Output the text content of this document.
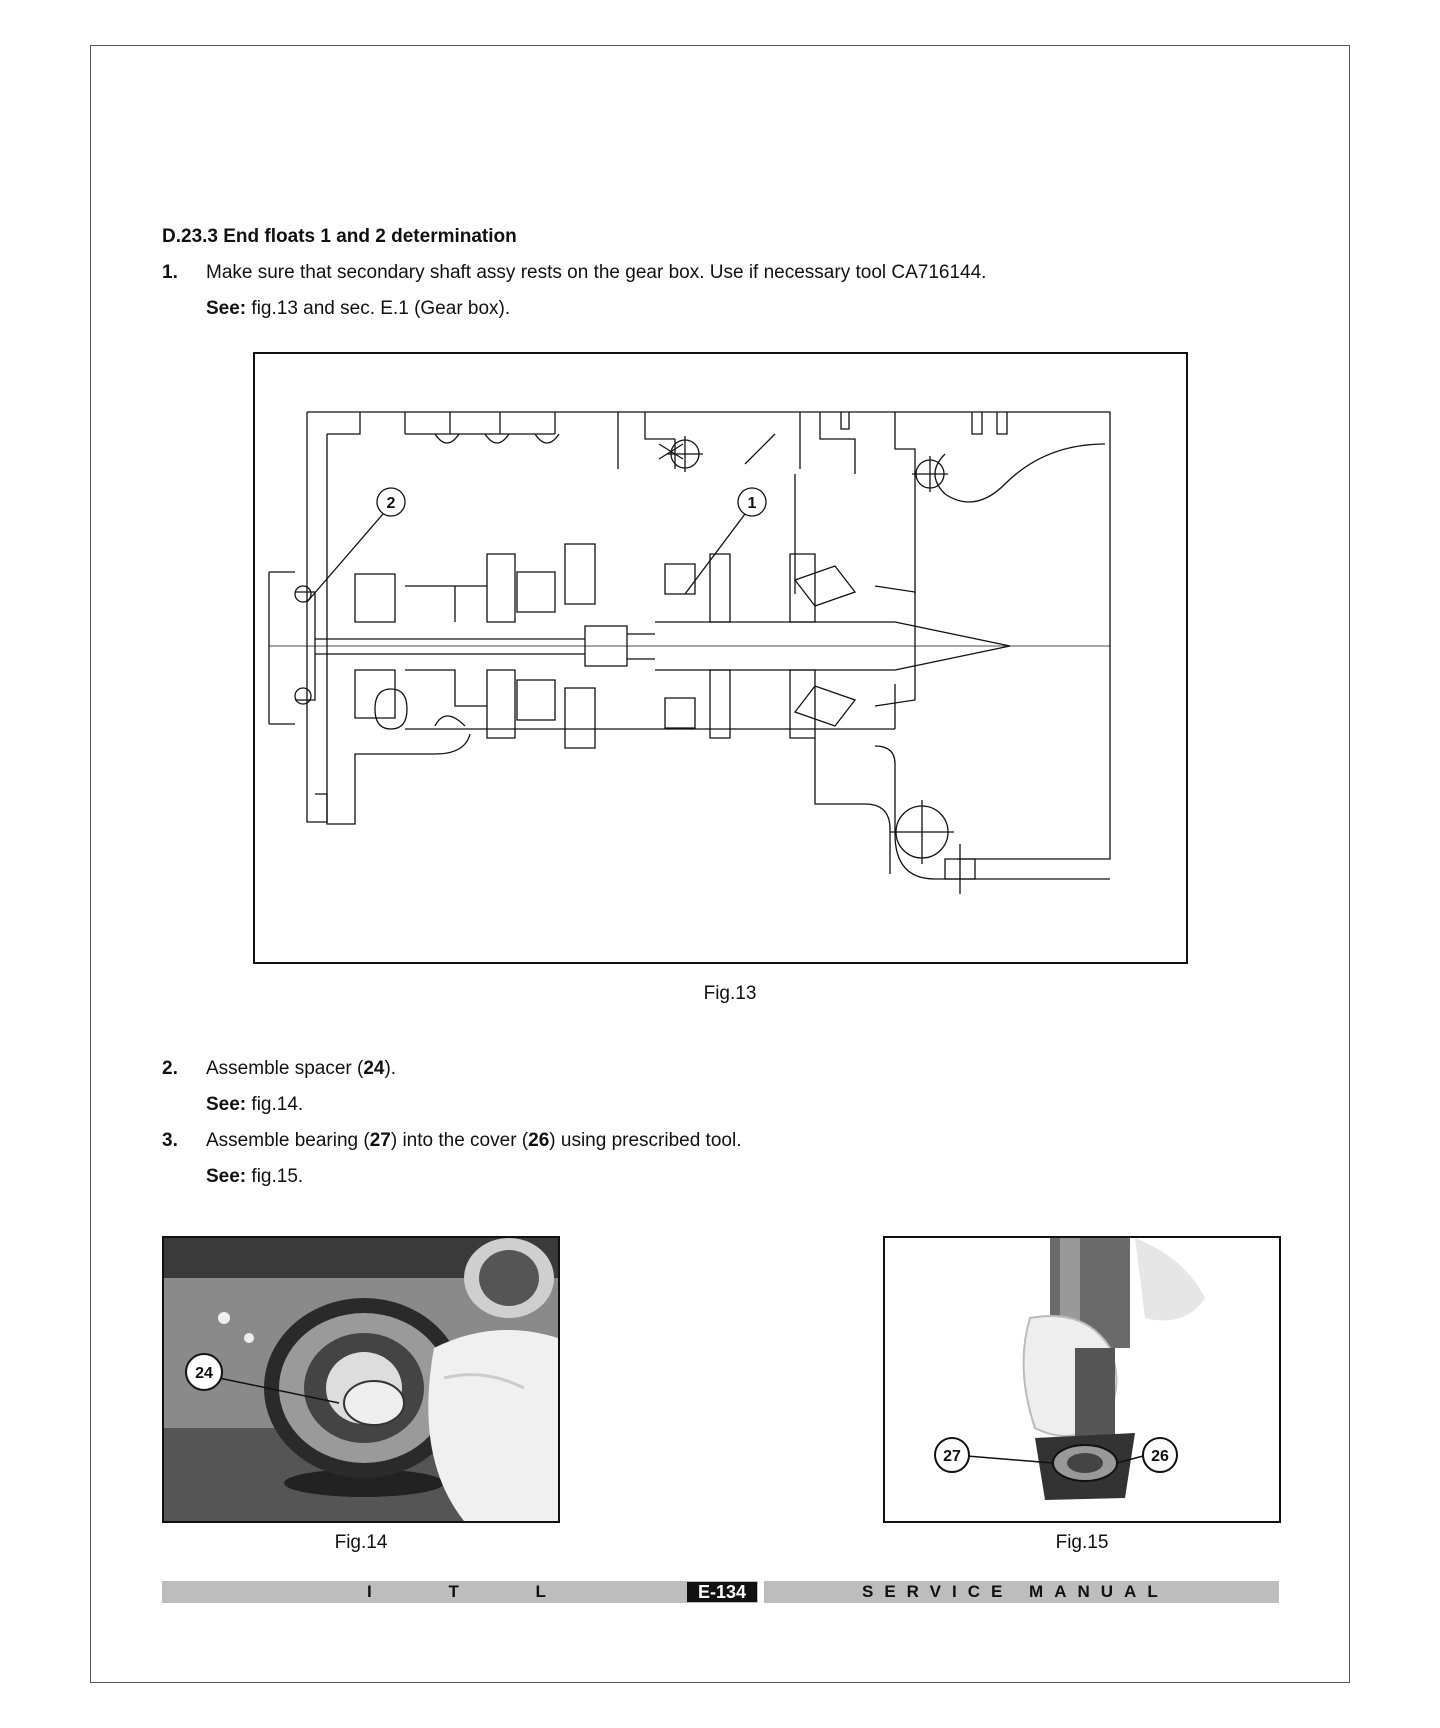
D.23.3 End floats 1 and 2 determination
1. Make sure that secondary shaft assy rests on the gear box. Use if necessary tool CA716144.
See: fig.13 and sec. E.1 (Gear box).
2	1
Fig.13
2. Assemble spacer (24).
See: fig.14.
3. Assemble bearing (27) into the cover (26) using prescribed tool.
See: fig.15.
24
Fig.14
27	26
Fig.15
I T L	E-134	SERVICE MANUAL
